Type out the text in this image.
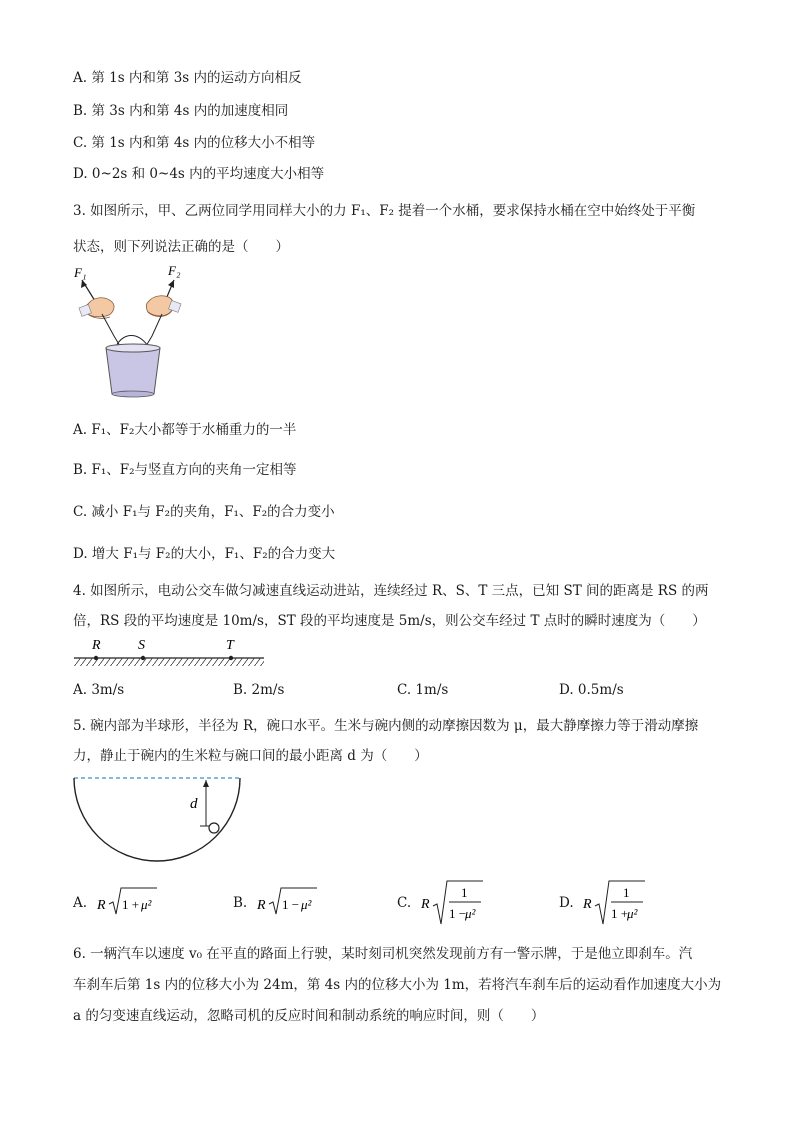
A. 第 1s 内和第 3s 内的运动方向相反
B. 第 3s 内和第 4s 内的加速度相同
C. 第 1s 内和第 4s 内的位移大小不相等
D. 0~2s 和 0~4s 内的平均速度大小相等
3. 如图所示，甲、乙两位同学用同样大小的力 F₁、F₂ 提着一个水桶，要求保持水桶在空中始终处于平衡
状态，则下列说法正确的是（　　）
F₁	F₂
A. F₁、F₂大小都等于水桶重力的一半
B. F₁、F₂与竖直方向的夹角一定相等
C. 减小 F₁与 F₂的夹角，F₁、F₂的合力变小
D. 增大 F₁与 F₂的大小，F₁、F₂的合力变大
4. 如图所示，电动公交车做匀减速直线运动进站，连续经过 R、S、T 三点，已知 ST 间的距离是 RS 的两
倍，RS 段的平均速度是 10m/s，ST 段的平均速度是 5m/s，则公交车经过 T 点时的瞬时速度为（　　）
R	S	T
A. 3m/s	B. 2m/s	C. 1m/s	D. 0.5m/s
5. 碗内部为半球形，半径为 R，碗口水平。生米与碗内侧的动摩擦因数为 μ，最大静摩擦力等于滑动摩擦
力，静止于碗内的生米粒与碗口间的最小距离 d 为（　　）
d
A. R 1 + μ²	B. R 1 − μ²	C. R
1
1 −
μ²
D. R
1
1 +
μ²
6. 一辆汽车以速度 v₀ 在平直的路面上行驶，某时刻司机突然发现前方有一警示牌，于是他立即刹车。汽
车刹车后第 1s 内的位移大小为 24m，第 4s 内的位移大小为 1m，若将汽车刹车后的运动看作加速度大小为
a 的匀变速直线运动，忽略司机的反应时间和制动系统的响应时间，则（　　）
